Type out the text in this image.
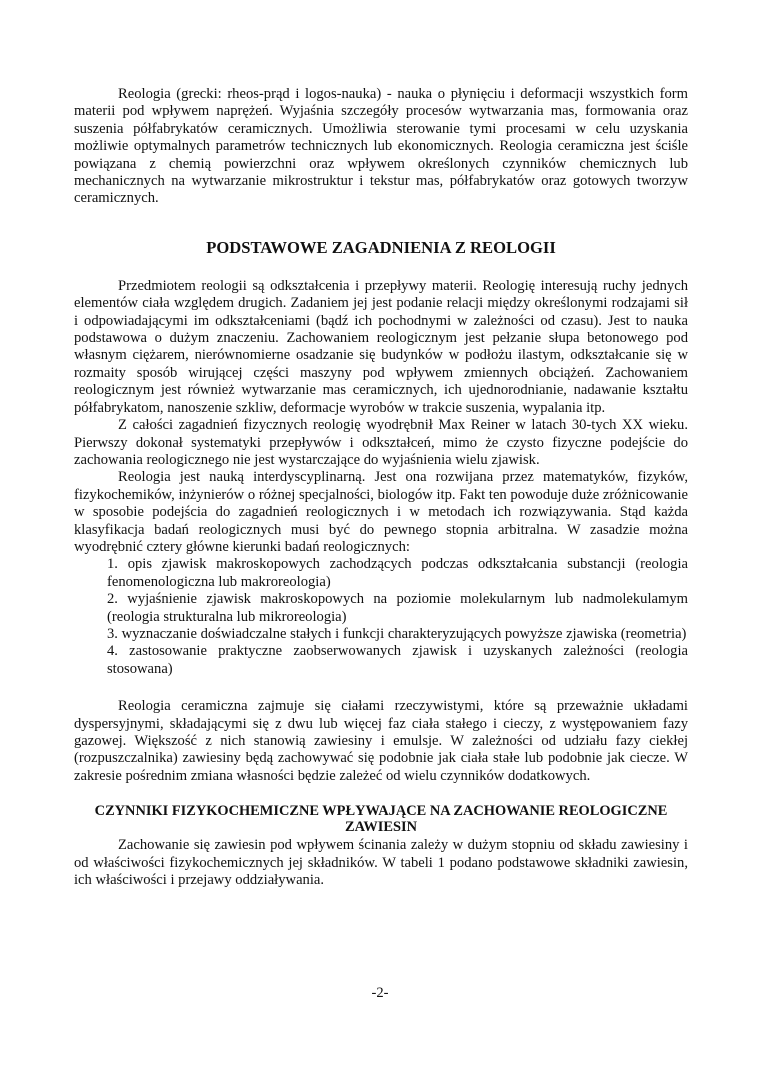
Reologia (grecki: rheos-prąd i logos-nauka) - nauka o płynięciu i deformacji wszystkich form materii pod wpływem naprężeń. Wyjaśnia szczegóły procesów wytwarzania mas, formowania oraz suszenia półfabrykatów ceramicznych. Umożliwia sterowanie tymi procesami w celu uzyskania możliwie optymalnych parametrów technicznych lub ekonomicznych. Reologia ceramiczna jest ściśle powiązana z chemią powierzchni oraz wpływem określonych czynników chemicznych lub mechanicznych na wytwarzanie mikrostruktur i tekstur mas, półfabrykatów oraz gotowych tworzyw ceramicznych.

PODSTAWOWE ZAGADNIENIA Z REOLOGII

Przedmiotem reologii są odkształcenia i przepływy materii. Reologię interesują ruchy jednych elementów ciała względem drugich. Zadaniem jej jest podanie relacji między określonymi rodzajami sił i odpowiadającymi im odkształceniami (bądź ich pochodnymi w zależności od czasu). Jest to nauka podstawowa o dużym znaczeniu. Zachowaniem reologicznym jest pełzanie słupa betonowego pod własnym ciężarem, nierównomierne osadzanie się budynków w podłożu ilastym, odkształcanie się w rozmaity sposób wirującej części maszyny pod wpływem zmiennych obciążeń. Zachowaniem reologicznym jest również wytwarzanie mas ceramicznych, ich ujednorodnianie, nadawanie kształtu półfabrykatom, nanoszenie szkliw, deformacje wyrobów w trakcie suszenia, wypalania itp.

Z całości zagadnień fizycznych reologię wyodrębnił Max Reiner w latach 30-tych XX wieku. Pierwszy dokonał systematyki przepływów i odkształceń, mimo że czysto fizyczne podejście do zachowania reologicznego nie jest wystarczające do wyjaśnienia wielu zjawisk.

Reologia jest nauką interdyscyplinarną. Jest ona rozwijana przez matematyków, fizyków, fizykochemików, inżynierów o różnej specjalności, biologów itp. Fakt ten powoduje duże zróżnicowanie w sposobie podejścia do zagadnień reologicznych i w metodach ich rozwiązywania. Stąd każda klasyfikacja badań reologicznych musi być do pewnego stopnia arbitralna. W zasadzie można wyodrębnić cztery główne kierunki badań reologicznych:

1. opis zjawisk makroskopowych zachodzących podczas odkształcania substancji (reologia fenomenologiczna lub makroreologia)
2. wyjaśnienie zjawisk makroskopowych na poziomie molekularnym lub nadmolekulamym (reologia strukturalna lub mikroreologia)
3. wyznaczanie doświadczalne stałych i funkcji charakteryzujących powyższe zjawiska (reometria)
4. zastosowanie praktyczne zaobserwowanych zjawisk i uzyskanych zależności (reologia stosowana)

Reologia ceramiczna zajmuje się ciałami rzeczywistymi, które są przeważnie układami dyspersyjnymi, składającymi się z dwu lub więcej faz ciała stałego i cieczy, z występowaniem fazy gazowej. Większość z nich stanowią zawiesiny i emulsje. W zależności od udziału fazy ciekłej (rozpuszczalnika) zawiesiny będą zachowywać się podobnie jak ciała stałe lub podobnie jak ciecze. W zakresie pośrednim zmiana własności będzie zależeć od wielu czynników dodatkowych.

CZYNNIKI FIZYKOCHEMICZNE WPŁYWAJĄCE NA ZACHOWANIE REOLOGICZNE ZAWIESIN

Zachowanie się zawiesin pod wpływem ścinania zależy w dużym stopniu od składu zawiesiny i od właściwości fizykochemicznych jej składników. W tabeli 1 podano podstawowe składniki zawiesin, ich właściwości i przejawy oddziaływania.

-2-
